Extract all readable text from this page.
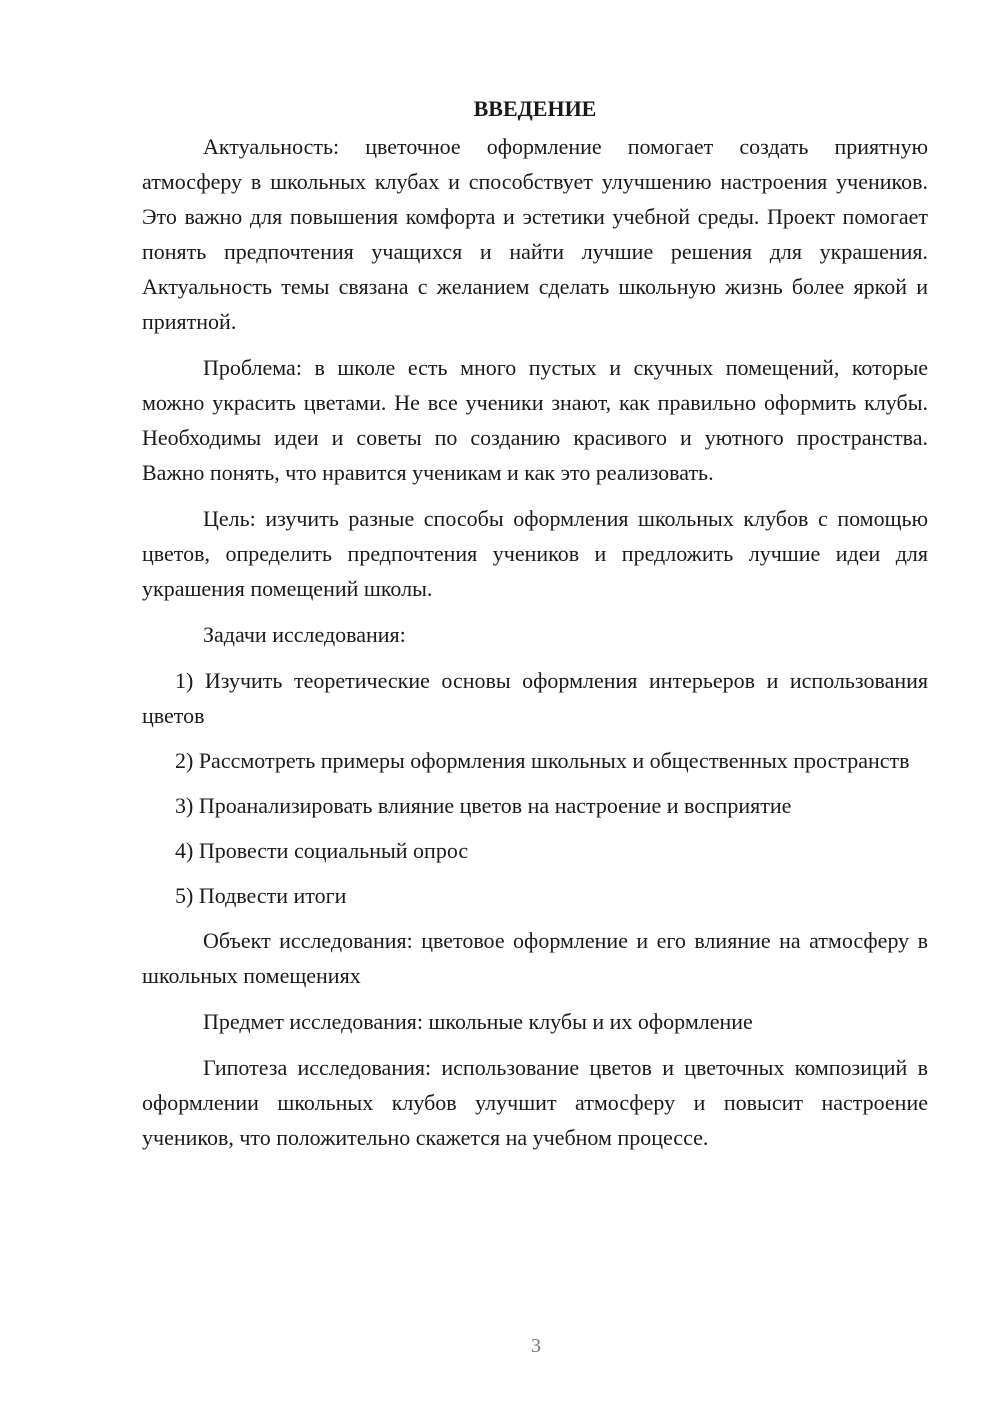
ВВЕДЕНИЕ

Актуальность: цветочное оформление помогает создать приятную атмосферу в школьных клубах и способствует улучшению настроения учеников. Это важно для повышения комфорта и эстетики учебной среды. Проект помогает понять предпочтения учащихся и найти лучшие решения для украшения. Актуальность темы связана с желанием сделать школьную жизнь более яркой и приятной.

Проблема: в школе есть много пустых и скучных помещений, которые можно украсить цветами. Не все ученики знают, как правильно оформить клубы. Необходимы идеи и советы по созданию красивого и уютного пространства. Важно понять, что нравится ученикам и как это реализовать.

Цель: изучить разные способы оформления школьных клубов с помощью цветов, определить предпочтения учеников и предложить лучшие идеи для украшения помещений школы.

Задачи исследования:

1) Изучить теоретические основы оформления интерьеров и использования цветов

2) Рассмотреть примеры оформления школьных и общественных пространств

3) Проанализировать влияние цветов на настроение и восприятие

4) Провести социальный опрос

5) Подвести итоги

Объект исследования: цветовое оформление и его влияние на атмосферу в школьных помещениях

Предмет исследования: школьные клубы и их оформление

Гипотеза исследования: использование цветов и цветочных композиций в оформлении школьных клубов улучшит атмосферу и повысит настроение учеников, что положительно скажется на учебном процессе.

3
